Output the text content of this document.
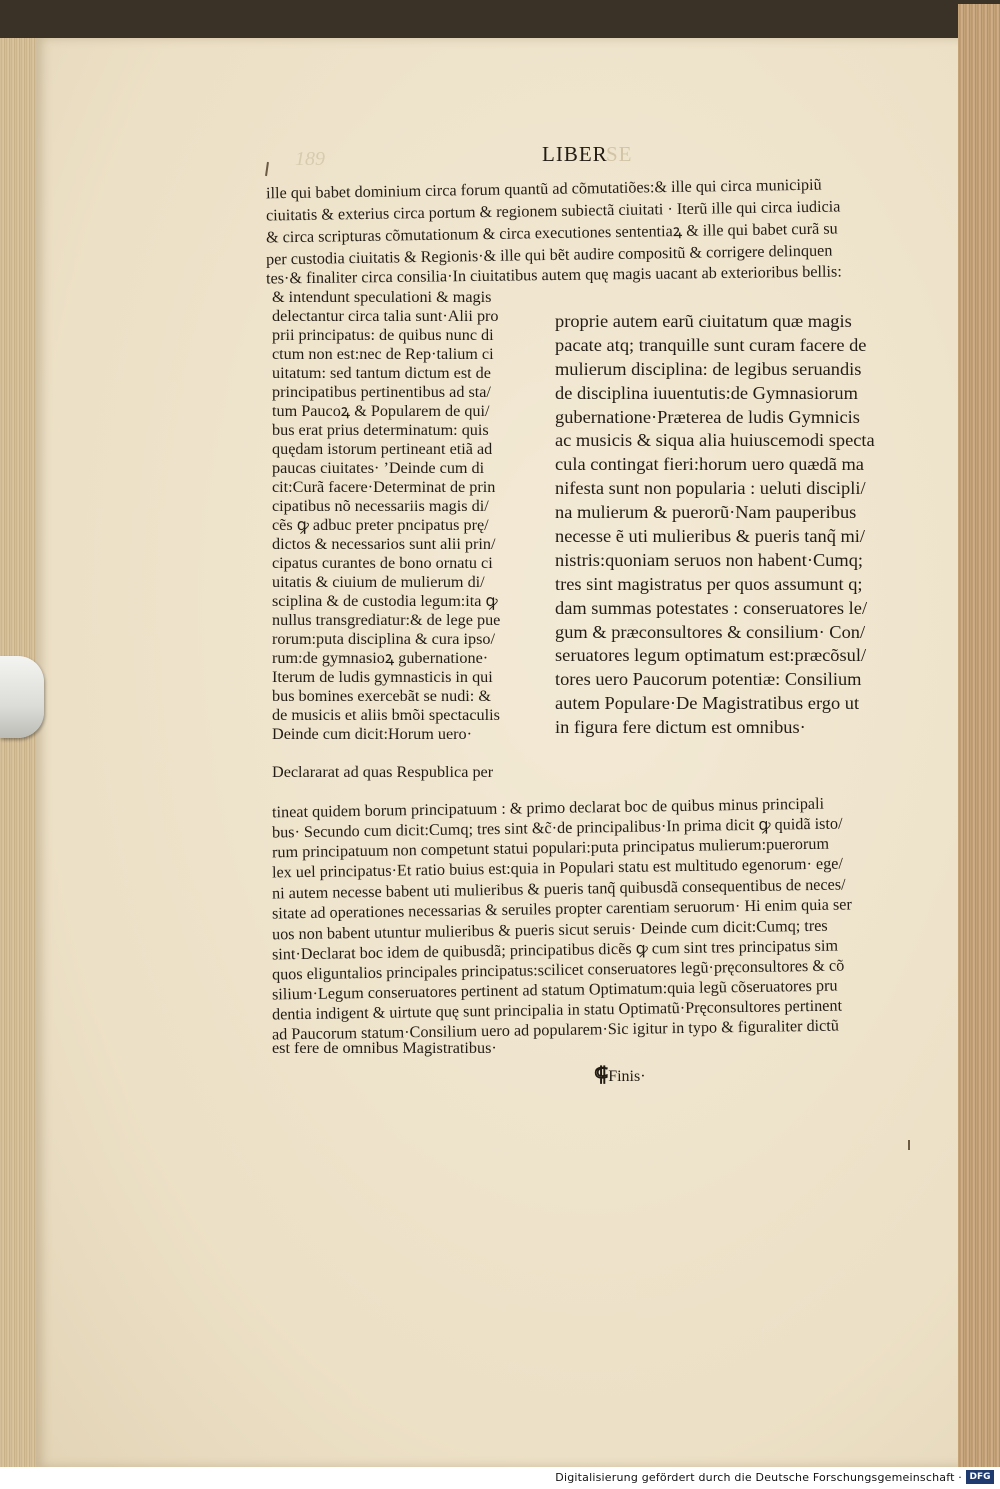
189	LIBER
SE
ille qui babet dominium circa forum quantũ ad cõmutatiões:& ille qui circa municipiũ
ciuitatis & exterius circa portum & regionem subiectã ciuitati · Iterũ ille qui circa iudicia
& circa scripturas cõmutationum & circa executiones sententiaꝝ & ille qui babet curã su
per custodia ciuitatis & Regionis·& ille qui bẽt audire compositũ & corrigere delinquen
tes·& finaliter circa consilia·In ciuitatibus autem quę magis uacant ab exterioribus bellis:
& intendunt speculationi & magis
delectantur circa talia sunt·Alii pro
prii principatus: de quibus nunc di
ctum non est:nec de Rep·talium ci
uitatum: sed tantum dictum est de
principatibus pertinentibus ad sta/
tum Paucoꝝ & Popularem de qui/
bus erat prius determinatum: quis
quędam istorum pertineant etiã ad
paucas ciuitates· ʼDeinde cum di
cit:Curã facere·Determinat de prin
cipatibus nõ necessariis magis di/
cẽs ꝙ adbuc preter pncipatus prę/
dictos & necessarios sunt alii prin/
cipatus curantes de bono ornatu ci
uitatis & ciuium de mulierum di/
sciplina & de custodia legum:ita ꝙ
nullus transgrediatur:& de lege pue
rorum:puta disciplina & cura ipso/
rum:de gymnasioꝝ gubernatione·
Iterum de ludis gymnasticis in qui
bus bomines exercebãt se nudi: &
de musicis et aliis bmõi spectaculis
Deinde cum dicit:Horum uero·
Declararat ad quas Respublica per
proprie autem earũ ciuitatum quæ magis
pacate atq; tranquille sunt curam facere de
mulierum disciplina: de legibus seruandis
de disciplina iuuentutis:de Gymnasiorum
gubernatione·Præterea de ludis Gymnicis
ac musicis & siqua alia huiuscemodi specta
cula contingat fieri:horum uero quædã ma
nifesta sunt non popularia : ueluti discipli/
na mulierum & puerorũ·Nam pauperibus
necesse ẽ uti mulieribus & pueris tanq̃ mi/
nistris:quoniam seruos non habent·Cumq;
tres sint magistratus per quos assumunt q;
dam summas potestates : conseruatores le/
gum & præconsultores & consilium· Con/
seruatores legum optimatum est:præcõsul/
tores uero Paucorum potentiæ: Consilium
autem Populare·De Magistratibus ergo ut
in figura fere dictum est omnibus·
tineat quidem borum principatuum : & primo declarat boc de quibus minus principali
bus· Secundo cum dicit:Cumq; tres sint &c̃·de principalibus·In prima dicit ꝙ quidã isto/
rum principatuum non competunt statui populari:puta principatus mulierum:puerorum
lex uel principatus·Et ratio buius est:quia in Populari statu est multitudo egenorum· ege/
ni autem necesse babent uti mulieribus & pueris tanq̃ quibusdã consequentibus de neces/
sitate ad operationes necessarias & seruiles propter carentiam seruorum· Hi enim quia ser
uos non babent utuntur mulieribus & pueris sicut seruis· Deinde cum dicit:Cumq; tres
sint·Declarat boc idem de quibusdã; principatibus dicẽs ꝙ cum sint tres principatus sim
quos eliguntalios principales principatus:scilicet conseruatores legũ·pręconsultores & cõ
silium·Legum conseruatores pertinent ad statum Optimatum:quia legũ cõseruatores pru
dentia indigent & uirtute quę sunt principalia in statu Optimatũ·Pręconsultores pertinent
ad Paucorum statum·Consilium uero ad popularem·Sic igitur in typo & figuraliter dictũ
est fere de omnibus Magistratibus·
⸿Finis·
Digitalisierung gefördert durch die Deutsche Forschungsgemeinschaft · DFG
